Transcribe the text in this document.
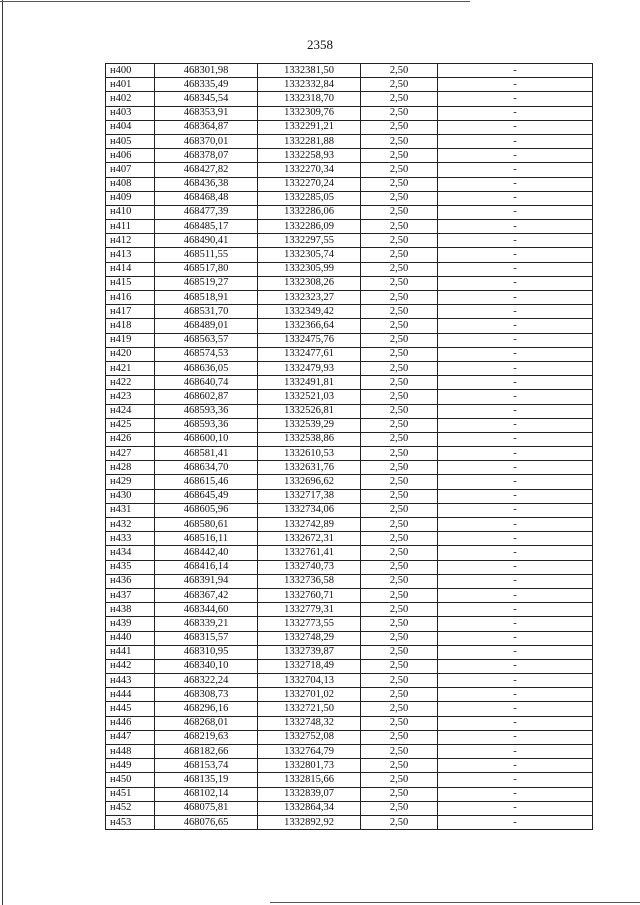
2358
н400	468301,98	1332381,50	2,50	-
н401	468335,49	1332332,84	2,50	-
н402	468345,54	1332318,70	2,50	-
н403	468353,91	1332309,76	2,50	-
н404	468364,87	1332291,21	2,50	-
н405	468370,01	1332281,88	2,50	-
н406	468378,07	1332258,93	2,50	-
н407	468427,82	1332270,34	2,50	-
н408	468436,38	1332270,24	2,50	-
н409	468468,48	1332285,05	2,50	-
н410	468477,39	1332286,06	2,50	-
н411	468485,17	1332286,09	2,50	-
н412	468490,41	1332297,55	2,50	-
н413	468511,55	1332305,74	2,50	-
н414	468517,80	1332305,99	2,50	-
н415	468519,27	1332308,26	2,50	-
н416	468518,91	1332323,27	2,50	-
н417	468531,70	1332349,42	2,50	-
н418	468489,01	1332366,64	2,50	-
н419	468563,57	1332475,76	2,50	-
н420	468574,53	1332477,61	2,50	-
н421	468636,05	1332479,93	2,50	-
н422	468640,74	1332491,81	2,50	-
н423	468602,87	1332521,03	2,50	-
н424	468593,36	1332526,81	2,50	-
н425	468593,36	1332539,29	2,50	-
н426	468600,10	1332538,86	2,50	-
н427	468581,41	1332610,53	2,50	-
н428	468634,70	1332631,76	2,50	-
н429	468615,46	1332696,62	2,50	-
н430	468645,49	1332717,38	2,50	-
н431	468605,96	1332734,06	2,50	-
н432	468580,61	1332742,89	2,50	-
н433	468516,11	1332672,31	2,50	-
н434	468442,40	1332761,41	2,50	-
н435	468416,14	1332740,73	2,50	-
н436	468391,94	1332736,58	2,50	-
н437	468367,42	1332760,71	2,50	-
н438	468344,60	1332779,31	2,50	-
н439	468339,21	1332773,55	2,50	-
н440	468315,57	1332748,29	2,50	-
н441	468310,95	1332739,87	2,50	-
н442	468340,10	1332718,49	2,50	-
н443	468322,24	1332704,13	2,50	-
н444	468308,73	1332701,02	2,50	-
н445	468296,16	1332721,50	2,50	-
н446	468268,01	1332748,32	2,50	-
н447	468219,63	1332752,08	2,50	-
н448	468182,66	1332764,79	2,50	-
н449	468153,74	1332801,73	2,50	-
н450	468135,19	1332815,66	2,50	-
н451	468102,14	1332839,07	2,50	-
н452	468075,81	1332864,34	2,50	-
н453	468076,65	1332892,92	2,50	-
